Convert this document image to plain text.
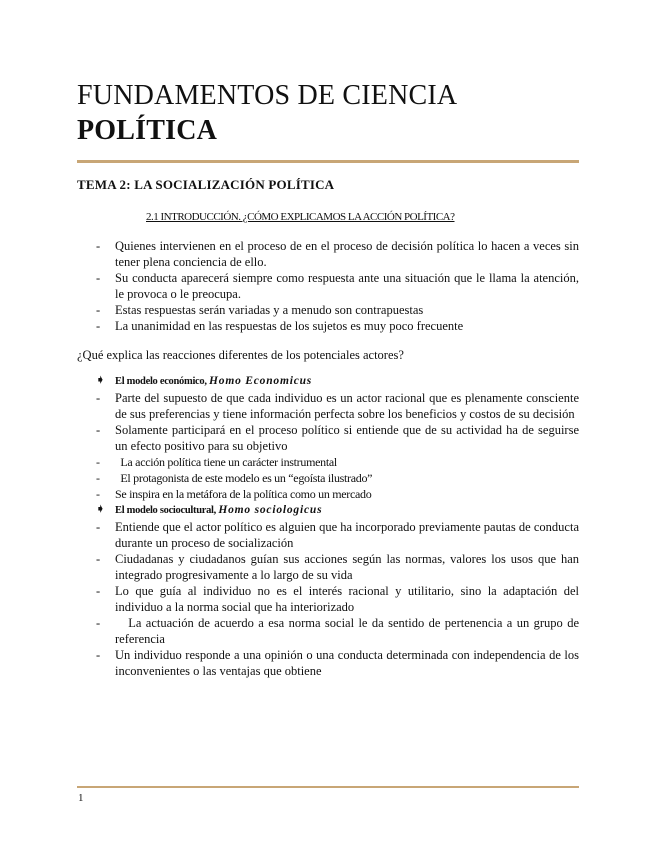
FUNDAMENTOS DE CIENCIA
POLÍTICA
TEMA 2: LA SOCIALIZACIÓN POLÍTICA
2.1 INTRODUCCIÓN. ¿CÓMO EXPLICAMOS LA ACCIÓN POLÍTICA?
- Quienes intervienen en el proceso de en el proceso de decisión política lo hacen a veces sin tener plena conciencia de ello.
- Su conducta aparecerá siempre como respuesta ante una situación que le llama la atención, le provoca o le preocupa.
- Estas respuestas serán variadas y a menudo son contrapuestas
- La unanimidad en las respuestas de los sujetos es muy poco frecuente
¿Qué explica las reacciones diferentes de los potenciales actores?
➧ El modelo económico, Homo Economicus
- Parte del supuesto de que cada individuo es un actor racional que es plenamente consciente de sus preferencias y tiene información perfecta sobre los beneficios y costos de su decisión
- Solamente participará en el proceso político si entiende que de su actividad ha de seguirse un efecto positivo para su objetivo
- La acción política tiene un carácter instrumental
- El protagonista de este modelo es un “egoísta ilustrado”
- Se inspira en la metáfora de la política como un mercado
➧ El modelo sociocultural, Homo sociologicus
- Entiende que el actor político es alguien que ha incorporado previamente pautas de conducta durante un proceso de socialización
- Ciudadanas y ciudadanos guían sus acciones según las normas, valores los usos que han integrado progresivamente a lo largo de su vida
- Lo que guía al individuo no es el interés racional y utilitario, sino la adaptación del individuo a la norma social que ha interiorizado
- La actuación de acuerdo a esa norma social le da sentido de pertenencia a un grupo de referencia
- Un individuo responde a una opinión o una conducta determinada con independencia de los inconvenientes o las ventajas que obtiene
1
